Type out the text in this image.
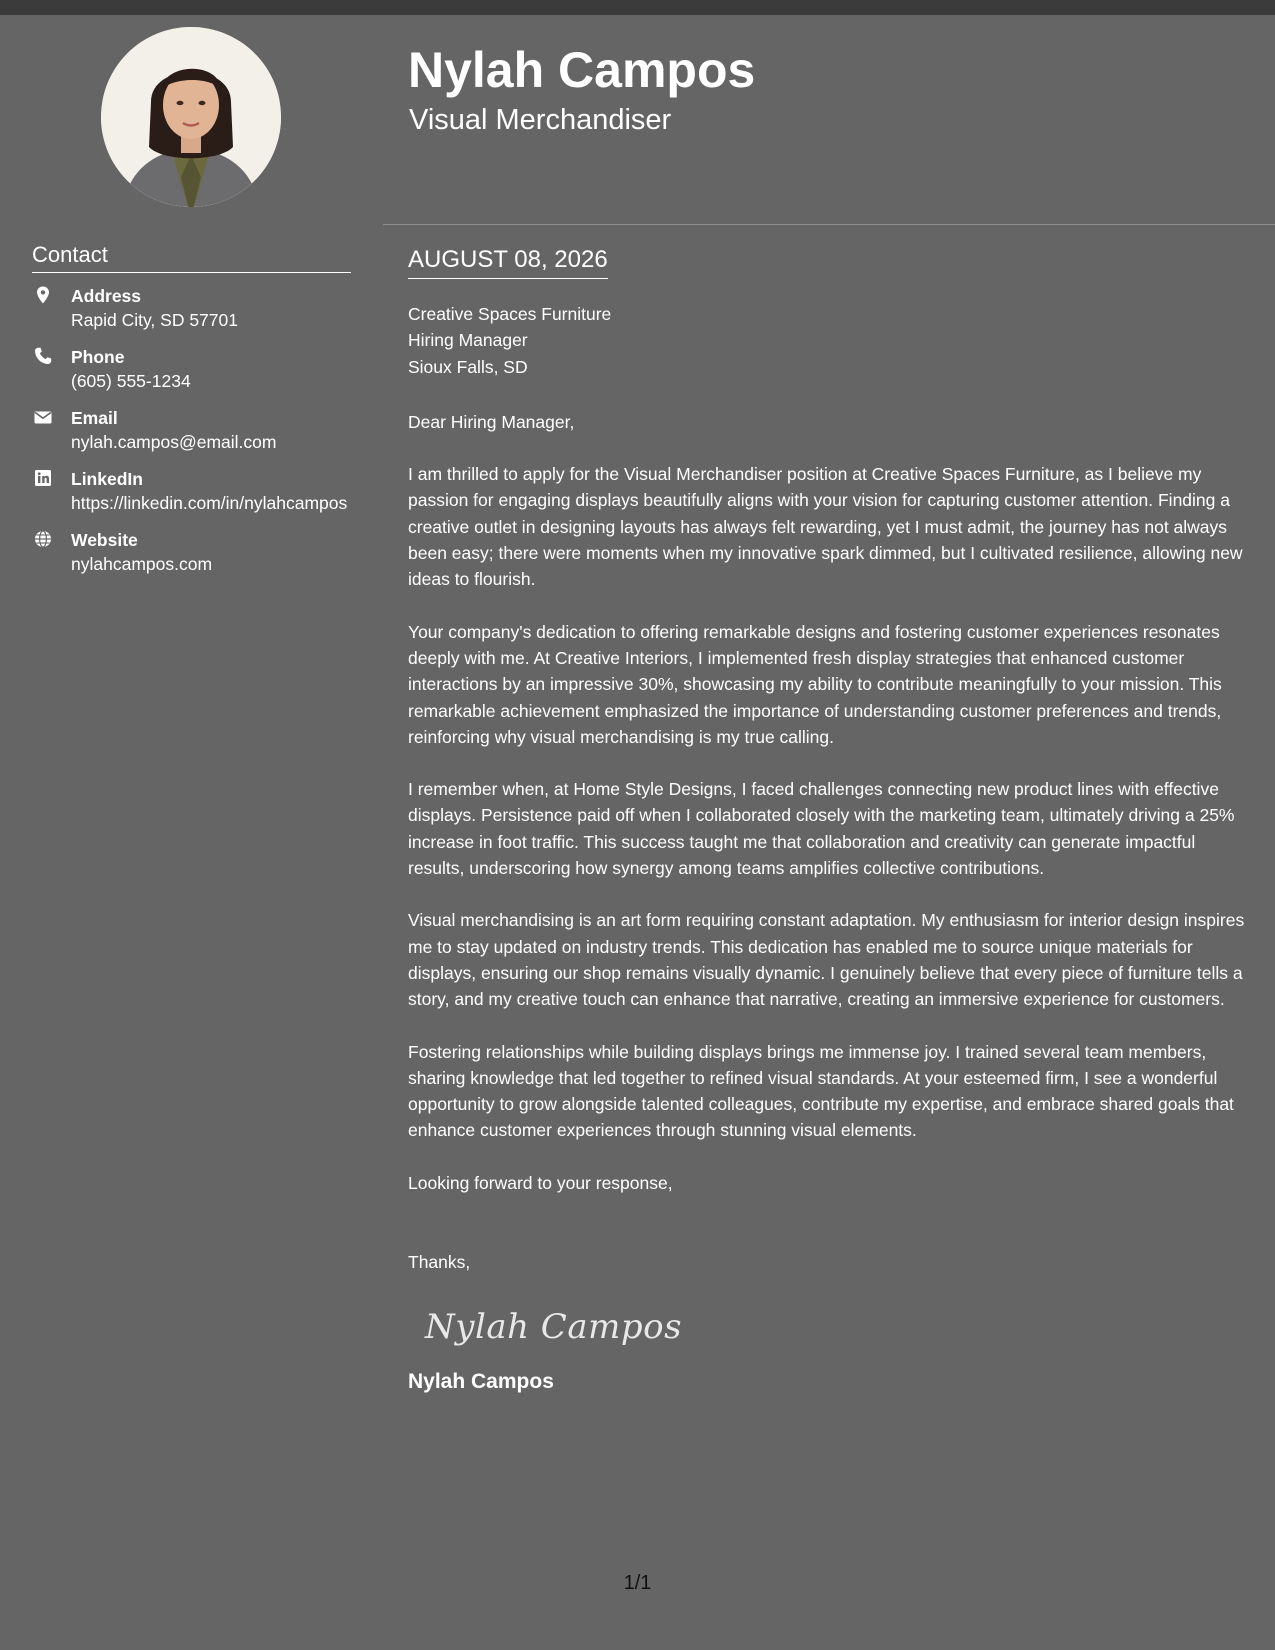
Nylah Campos
Visual Merchandiser
Contact
Address
Rapid City, SD 57701
Phone
(605) 555-1234
Email
nylah.campos@email.com
LinkedIn
https://linkedin.com/in/nylahcampos
Website
nylahcampos.com
AUGUST 08, 2026
Creative Spaces Furniture
Hiring Manager
Sioux Falls, SD
Dear Hiring Manager,
I am thrilled to apply for the Visual Merchandiser position at Creative Spaces Furniture, as I believe my passion for engaging displays beautifully aligns with your vision for capturing customer attention. Finding a creative outlet in designing layouts has always felt rewarding, yet I must admit, the journey has not always been easy; there were moments when my innovative spark dimmed, but I cultivated resilience, allowing new ideas to flourish.
Your company's dedication to offering remarkable designs and fostering customer experiences resonates deeply with me. At Creative Interiors, I implemented fresh display strategies that enhanced customer interactions by an impressive 30%, showcasing my ability to contribute meaningfully to your mission. This remarkable achievement emphasized the importance of understanding customer preferences and trends, reinforcing why visual merchandising is my true calling.
I remember when, at Home Style Designs, I faced challenges connecting new product lines with effective displays. Persistence paid off when I collaborated closely with the marketing team, ultimately driving a 25% increase in foot traffic. This success taught me that collaboration and creativity can generate impactful results, underscoring how synergy among teams amplifies collective contributions.
Visual merchandising is an art form requiring constant adaptation. My enthusiasm for interior design inspires me to stay updated on industry trends. This dedication has enabled me to source unique materials for displays, ensuring our shop remains visually dynamic. I genuinely believe that every piece of furniture tells a story, and my creative touch can enhance that narrative, creating an immersive experience for customers.
Fostering relationships while building displays brings me immense joy. I trained several team members, sharing knowledge that led together to refined visual standards. At your esteemed firm, I see a wonderful opportunity to grow alongside talented colleagues, contribute my expertise, and embrace shared goals that enhance customer experiences through stunning visual elements.
Looking forward to your response,
Thanks,
Nylah Campos
Nylah Campos
1/1
